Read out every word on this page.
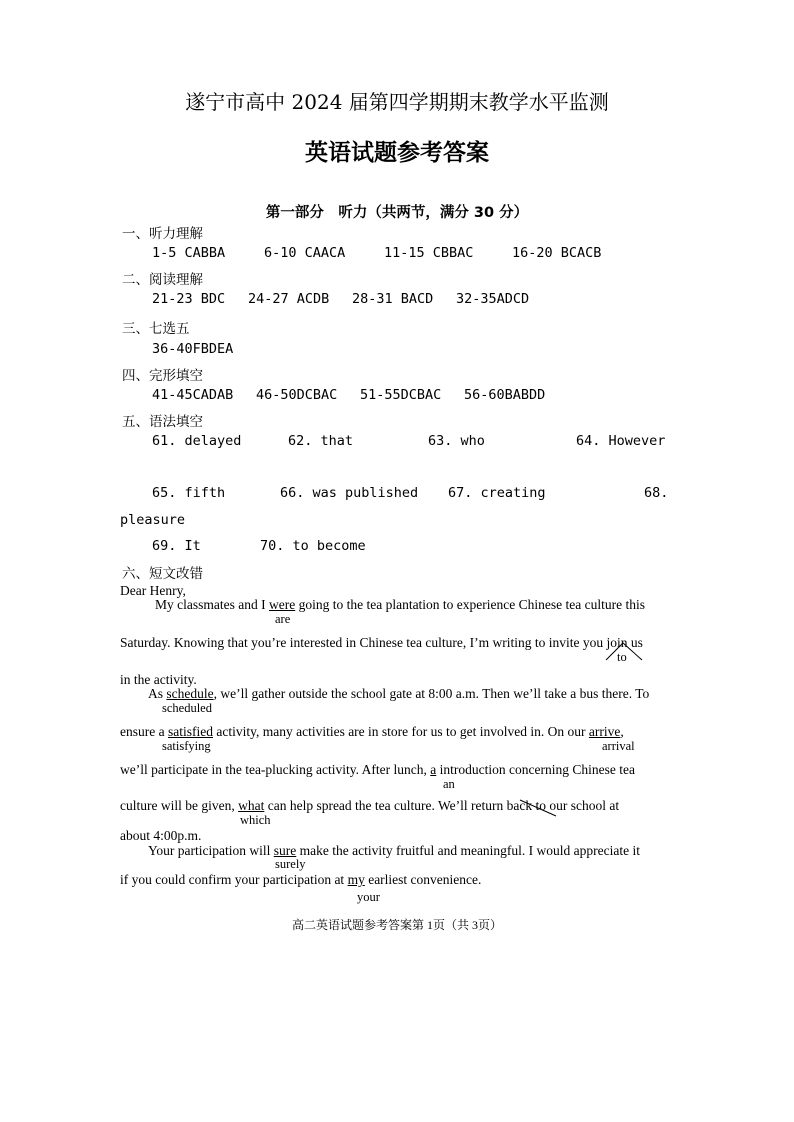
遂宁市高中 2024 届第四学期期末教学水平监测
英语试题参考答案
第一部分　听力（共两节，满分 30 分）
一、听力理解
1-5 CABBA	6-10 CAACA	11-15 CBBAC	16-20 BCACB
二、阅读理解
21-23 BDC 24-27 ACDB 28-31 BACD 32-35ADCD
三、七选五
36-40FBDEA
四、完形填空
41-45CADAB 46-50DCBAC 51-55DCBAC 56-60BABDD
五、语法填空
61. delayed	62. that	63. who	64. However
65. fifth	66. was published 67. creating	68.
pleasure
69. It	70. to become
六、短文改错
Dear Henry,
My classmates and I were going to the tea plantation to experience Chinese tea culture this
are
Saturday. Knowing that you’re interested in Chinese tea culture, I’m writing to invite you join us
to
in the activity.
As schedule, we’ll gather outside the school gate at 8:00 a.m. Then we’ll take a bus there. To
scheduled
ensure a satisfied activity, many activities are in store for us to get involved in. On our arrive,
satisfying	arrival
we’ll participate in the tea-plucking activity. After lunch, a introduction concerning Chinese tea
an
culture will be given, what can help spread the tea culture. We’ll return back to our school at
which
about 4:00p.m.
Your participation will sure make the activity fruitful and meaningful. I would appreciate it
surely
if you could confirm your participation at my earliest convenience.
your
高二英语试题参考答案第 1页（共 3页）
